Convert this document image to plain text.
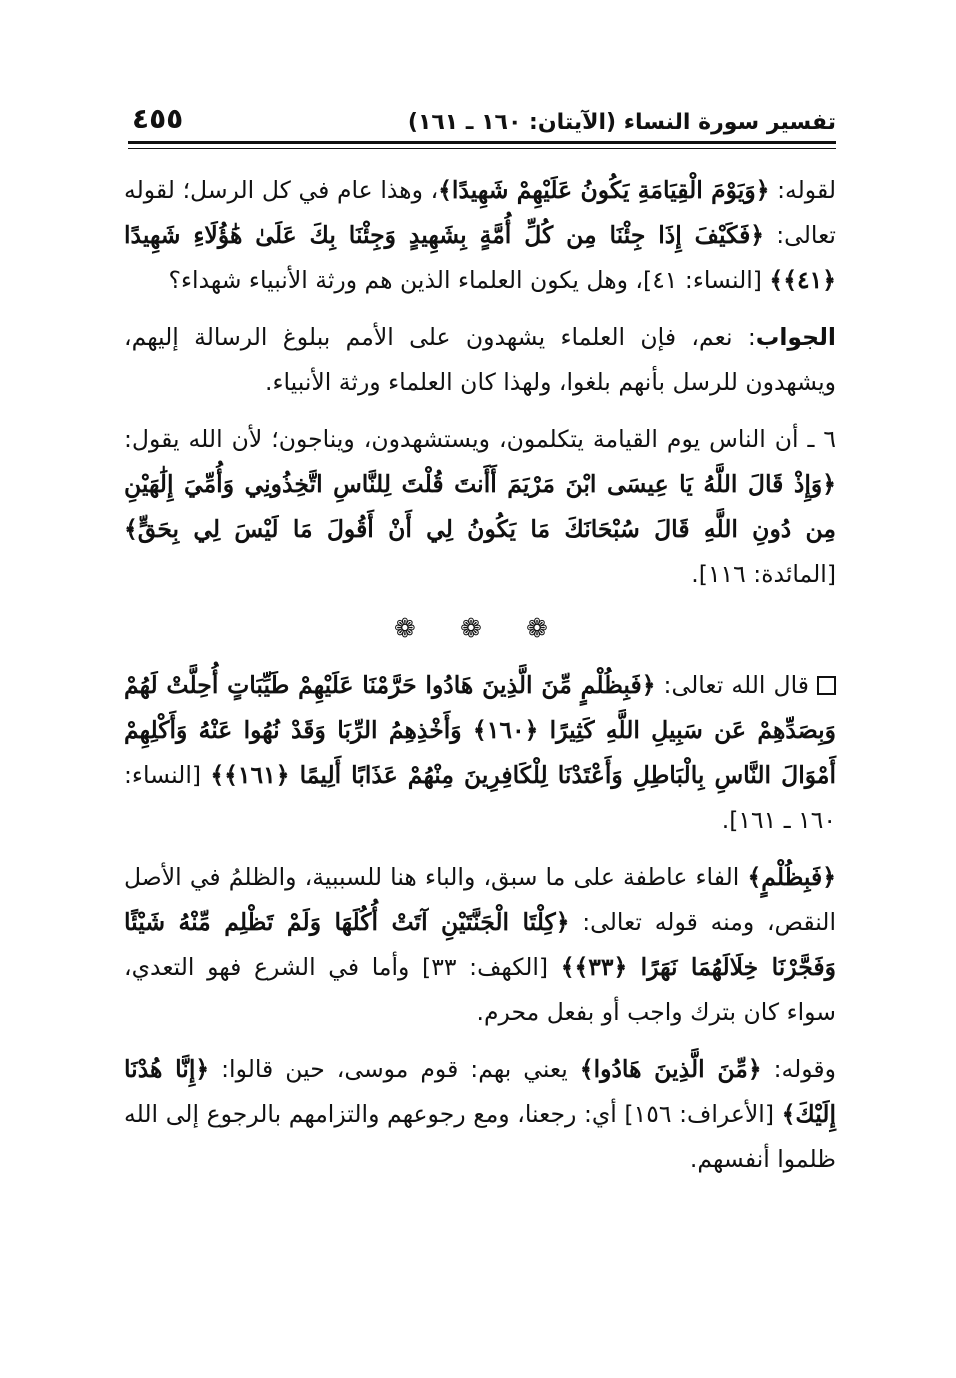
تفسير سورة النساء (الآيتان: ١٦٠ ـ ١٦١)
٤٥٥

لقوله: ﴿وَيَوْمَ الْقِيَامَةِ يَكُونُ عَلَيْهِمْ شَهِيدًا﴾، وهذا عام في كل الرسل؛ لقوله تعالى: ﴿فَكَيْفَ إِذَا جِئْنَا مِن كُلِّ أُمَّةٍ بِشَهِيدٍ وَجِئْنَا بِكَ عَلَىٰ هَٰؤُلَاءِ شَهِيدًا ﴿٤١﴾﴾ [النساء: ٤١]، وهل يكون العلماء الذين هم ورثة الأنبياء شهداء؟

الجواب: نعم، فإن العلماء يشهدون على الأمم ببلوغ الرسالة إليهم، ويشهدون للرسل بأنهم بلغوا، ولهذا كان العلماء ورثة الأنبياء.

٦ ـ أن الناس يوم القيامة يتكلمون، ويستشهدون، ويناجون؛ لأن الله يقول: ﴿وَإِذْ قَالَ اللَّهُ يَا عِيسَى ابْنَ مَرْيَمَ أَأَنتَ قُلْتَ لِلنَّاسِ اتَّخِذُونِي وَأُمِّيَ إِلَٰهَيْنِ مِن دُونِ اللَّهِ قَالَ سُبْحَانَكَ مَا يَكُونُ لِي أَنْ أَقُولَ مَا لَيْسَ لِي بِحَقٍّ﴾ [المائدة: ١١٦].

❁ ❁ ❁

قال الله تعالى: ﴿فَبِظُلْمٍ مِّنَ الَّذِينَ هَادُوا حَرَّمْنَا عَلَيْهِمْ طَيِّبَاتٍ أُحِلَّتْ لَهُمْ وَبِصَدِّهِمْ عَن سَبِيلِ اللَّهِ كَثِيرًا ﴿١٦٠﴾ وَأَخْذِهِمُ الرِّبَا وَقَدْ نُهُوا عَنْهُ وَأَكْلِهِمْ أَمْوَالَ النَّاسِ بِالْبَاطِلِ وَأَعْتَدْنَا لِلْكَافِرِينَ مِنْهُمْ عَذَابًا أَلِيمًا ﴿١٦١﴾﴾ [النساء: ١٦٠ ـ ١٦١].

﴿فَبِظُلْمٍ﴾ الفاء عاطفة على ما سبق، والباء هنا للسببية، والظلمُ في الأصل النقص، ومنه قوله تعالى: ﴿كِلْتَا الْجَنَّتَيْنِ آتَتْ أُكُلَهَا وَلَمْ تَظْلِم مِّنْهُ شَيْئًا وَفَجَّرْنَا خِلَالَهُمَا نَهَرًا ﴿٣٣﴾﴾ [الكهف: ٣٣] وأما في الشرع فهو التعدي، سواء كان بترك واجب أو بفعل محرم.

وقوله: ﴿مِّنَ الَّذِينَ هَادُوا﴾ يعني بهم: قوم موسى، حين قالوا: ﴿إِنَّا هُدْنَا إِلَيْكَ﴾ [الأعراف: ١٥٦] أي: رجعنا، ومع رجوعهم والتزامهم بالرجوع إلى الله ظلموا أنفسهم.
